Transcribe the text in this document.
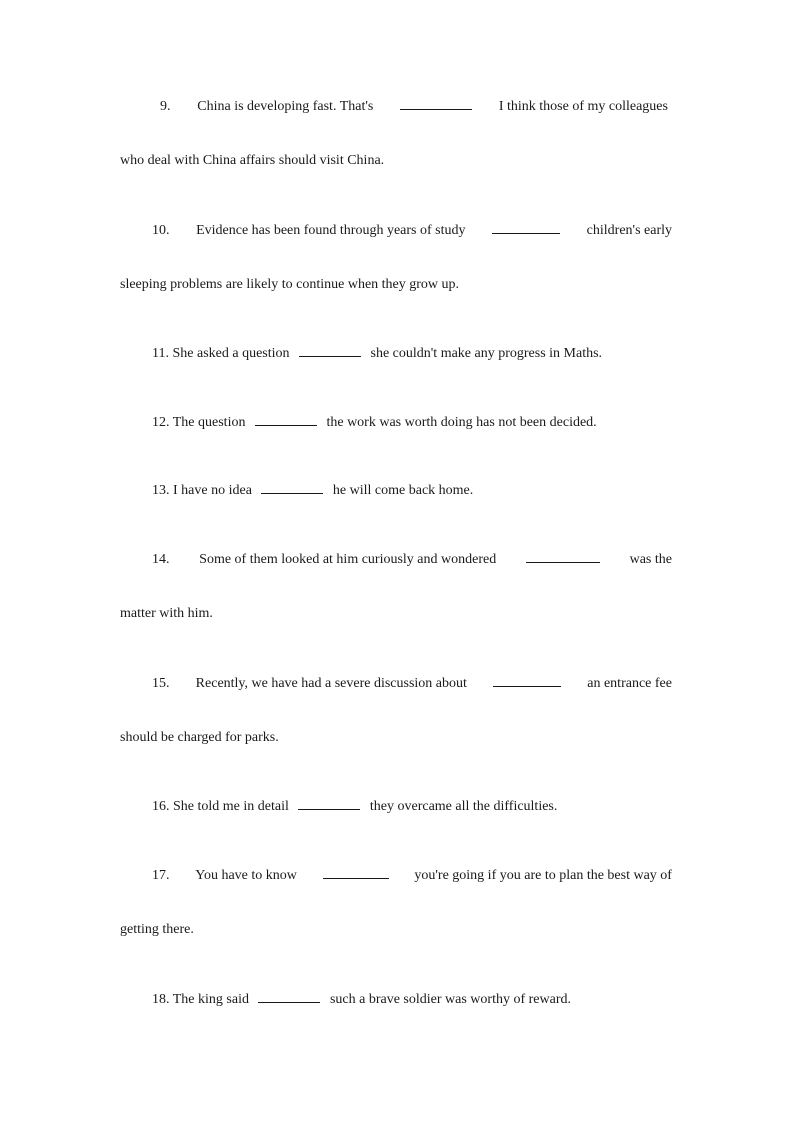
9. China is developing fast. That's	I think those of my colleagues
who deal with China affairs should visit China.
10. Evidence has been found through years of study	children's early
sleeping problems are likely to continue when they grow up.
11. She asked a question	she couldn't make any progress in Maths.
12. The question	the work was worth doing has not been decided.
13. I have no idea	he will come back home.
14. Some of them looked at him curiously and wondered	was the
matter with him.
15. Recently, we have had a severe discussion about	an entrance fee
should be charged for parks.
16. She told me in detail	they overcame all the difficulties.
17. You have to know	you're going if you are to plan the best way of
getting there.
18. The king said	such a brave soldier was worthy of reward.
